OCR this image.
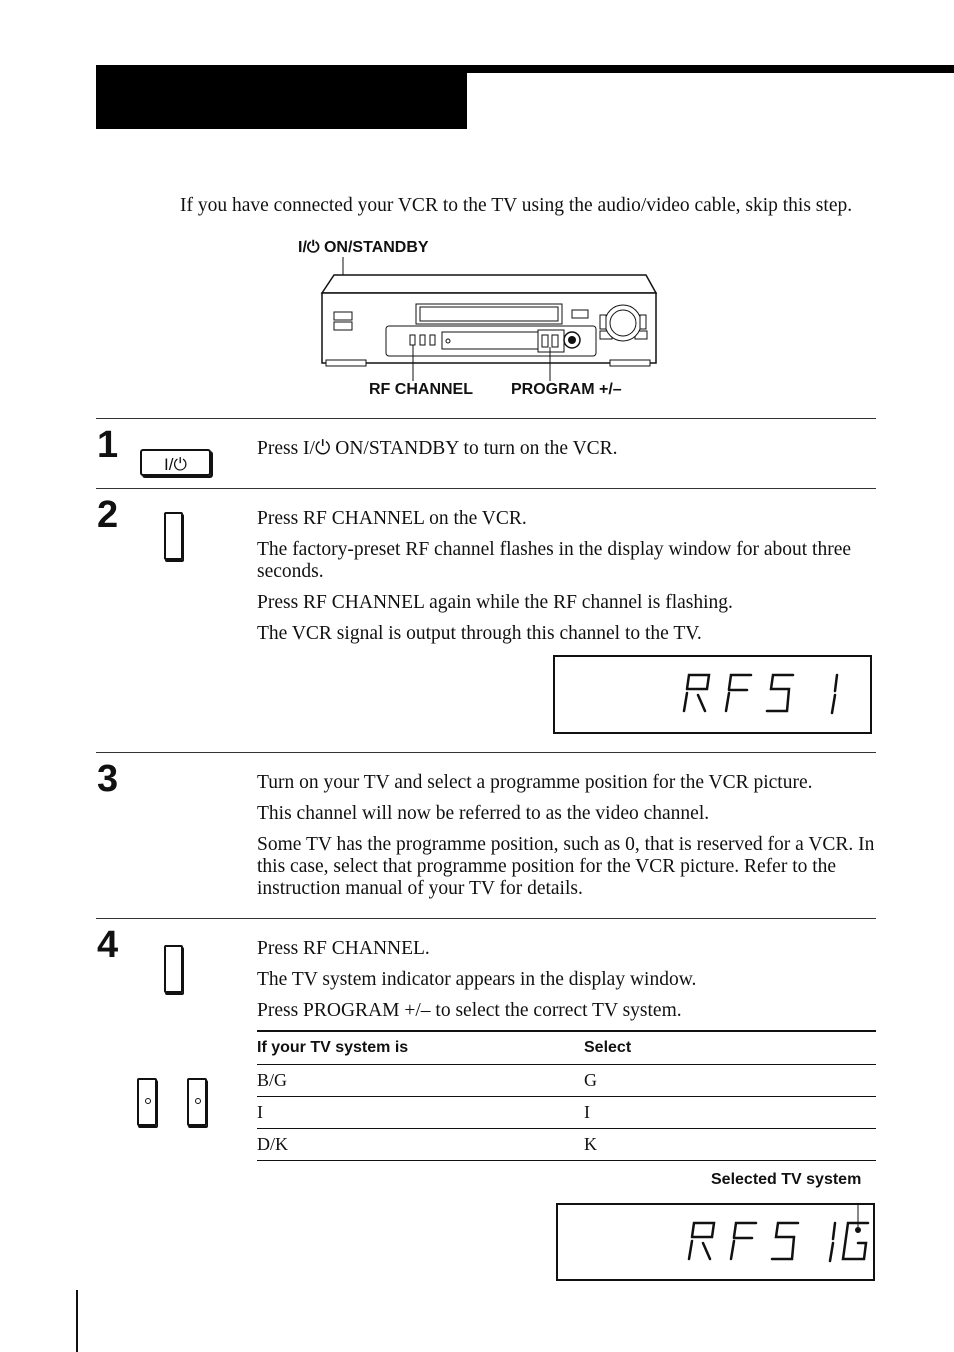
If you have connected your VCR to the TV using the audio/video cable, skip this step.
I/⏻ ON/STANDBY
RF CHANNEL PROGRAM +/–
1	I/⏻

Press I/⏻ ON/STANDBY to turn on the VCR.

2	Press RF CHANNEL on the VCR.

The factory-preset RF channel flashes in the display window for about three seconds.

Press RF CHANNEL again while the RF channel is flashing.

The VCR signal is output through this channel to the TV.

3	Turn on your TV and select a programme position for the VCR picture.

This channel will now be referred to as the video channel.

Some TV has the programme position, such as 0, that is reserved for a VCR. In this case, select that programme position for the VCR picture. Refer to the instruction manual of your TV for details.

4	Press RF CHANNEL.

The TV system indicator appears in the display window.

Press PROGRAM +/– to select the correct TV system.

If your TV system is	Select
B/G	G
I	I
D/K	K
Selected TV system
